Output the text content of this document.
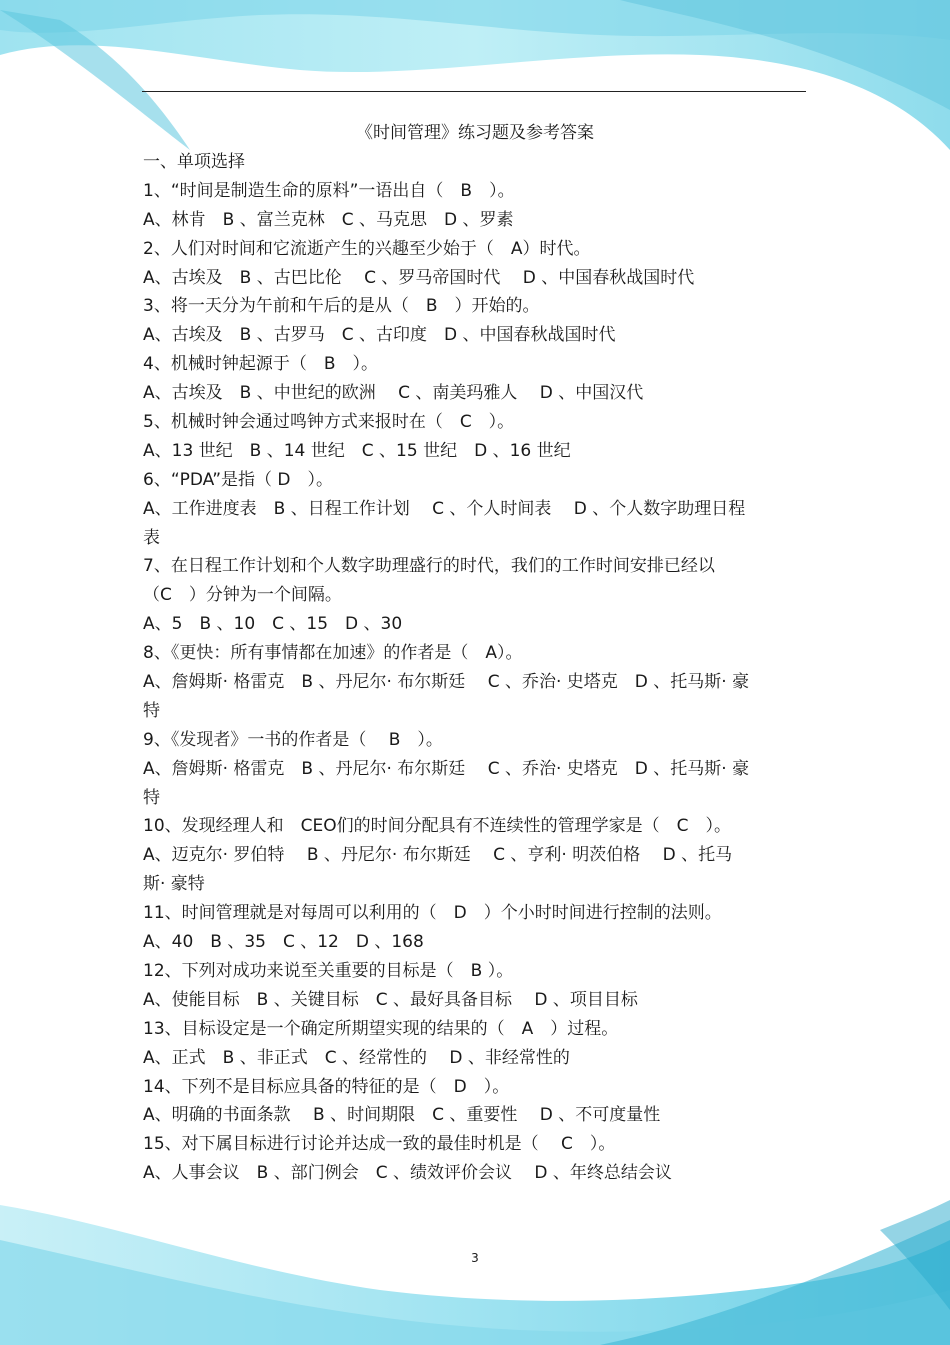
《时间管理》练习题及参考答案
一、单项选择
1、“时间是制造生命的原料”一语出自（　B　）。
A、林肯　B 、富兰克林　C 、马克思　D 、罗素
2、人们对时间和它流逝产生的兴趣至少始于（　A）时代。
A、古埃及　B 、古巴比伦　 C 、罗马帝国时代　 D 、中国春秋战国时代
3、将一天分为午前和午后的是从（　B　）开始的。
A、古埃及　B 、古罗马　C 、古印度　D 、中国春秋战国时代
4、机械时钟起源于（　B　）。
A、古埃及　B 、中世纪的欧洲　 C 、南美玛雅人　 D 、中国汉代
5、机械时钟会通过鸣钟方式来报时在（　C　）。
A、13 世纪　B 、14 世纪　C 、15 世纪　D 、16 世纪
6、“PDA”是指（ D　）。
A、工作进度表　B 、日程工作计划　 C 、个人时间表　 D 、个人数字助理日程
表
7、在日程工作计划和个人数字助理盛行的时代，我们的工作时间安排已经以
（C　）分钟为一个间隔。
A、5　B 、10　C 、15　D 、30
8、《更快：所有事情都在加速》的作者是（　A）。
A、詹姆斯· 格雷克　B 、丹尼尔· 布尔斯廷　 C 、乔治· 史塔克　D 、托马斯· 豪
特
9、《发现者》一书的作者是（　 B　）。
A、詹姆斯· 格雷克　B 、丹尼尔· 布尔斯廷　 C 、乔治· 史塔克　D 、托马斯· 豪
特
10、发现经理人和　CEO们的时间分配具有不连续性的管理学家是（　C　）。
A、迈克尔· 罗伯特　 B 、丹尼尔· 布尔斯廷　 C 、亨利· 明茨伯格　 D 、托马
斯· 豪特
11、时间管理就是对每周可以利用的（　D　）个小时时间进行控制的法则。
A、40　B 、35　C 、12　D 、168
12、下列对成功来说至关重要的目标是（　B ）。
A、使能目标　B 、关键目标　C 、最好具备目标　 D 、项目目标
13、目标设定是一个确定所期望实现的结果的（　A　）过程。
A、正式　B 、非正式　C 、经常性的　 D 、非经常性的
14、下列不是目标应具备的特征的是（　D　）。
A、明确的书面条款　 B 、时间期限　C 、重要性　 D 、不可度量性
15、对下属目标进行讨论并达成一致的最佳时机是（　 C　）。
A、人事会议　B 、部门例会　C 、绩效评价会议　 D 、年终总结会议
3
